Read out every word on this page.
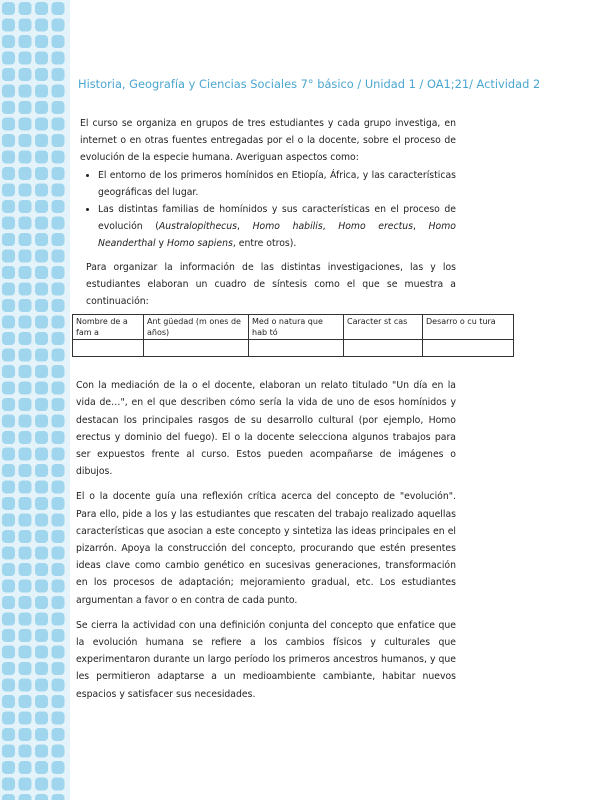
Historia, Geografía y Ciencias Sociales 7° básico / Unidad 1 / OA1;21/ Actividad 2

El curso se organiza en grupos de tres estudiantes y cada grupo investiga, en internet o en otras fuentes entregadas por el o la docente, sobre el proceso de evolución de la especie humana. Averiguan aspectos como:

• El entorno de los primeros homínidos en Etiopía, África, y las características geográficas del lugar.
• Las distintas familias de homínidos y sus características en el proceso de evolución (Australopithecus, Homo habilis, Homo erectus, Homo Neanderthal y Homo sapiens, entre otros).

Para organizar la información de las distintas investigaciones, las y los estudiantes elaboran un cuadro de síntesis como el que se muestra a continuación:

Nombre de a fam a	Ant güedad (m ones de años)	Med o natura que hab tó	Caracter st cas	Desarro o cu tura

Con la mediación de la o el docente, elaboran un relato titulado "Un día en la vida de…", en el que describen cómo sería la vida de uno de esos homínidos y destacan los principales rasgos de su desarrollo cultural (por ejemplo, Homo erectus y dominio del fuego). El o la docente selecciona algunos trabajos para ser expuestos frente al curso. Estos pueden acompañarse de imágenes o dibujos.

El o la docente guía una reflexión crítica acerca del concepto de "evolución". Para ello, pide a los y las estudiantes que rescaten del trabajo realizado aquellas características que asocian a este concepto y sintetiza las ideas principales en el pizarrón. Apoya la construcción del concepto, procurando que estén presentes ideas clave como cambio genético en sucesivas generaciones, transformación en los procesos de adaptación; mejoramiento gradual, etc. Los estudiantes argumentan a favor o en contra de cada punto.

Se cierra la actividad con una definición conjunta del concepto que enfatice que la evolución humana se refiere a los cambios físicos y culturales que experimentaron durante un largo período los primeros ancestros humanos, y que les permitieron adaptarse a un medioambiente cambiante, habitar nuevos espacios y satisfacer sus necesidades.
